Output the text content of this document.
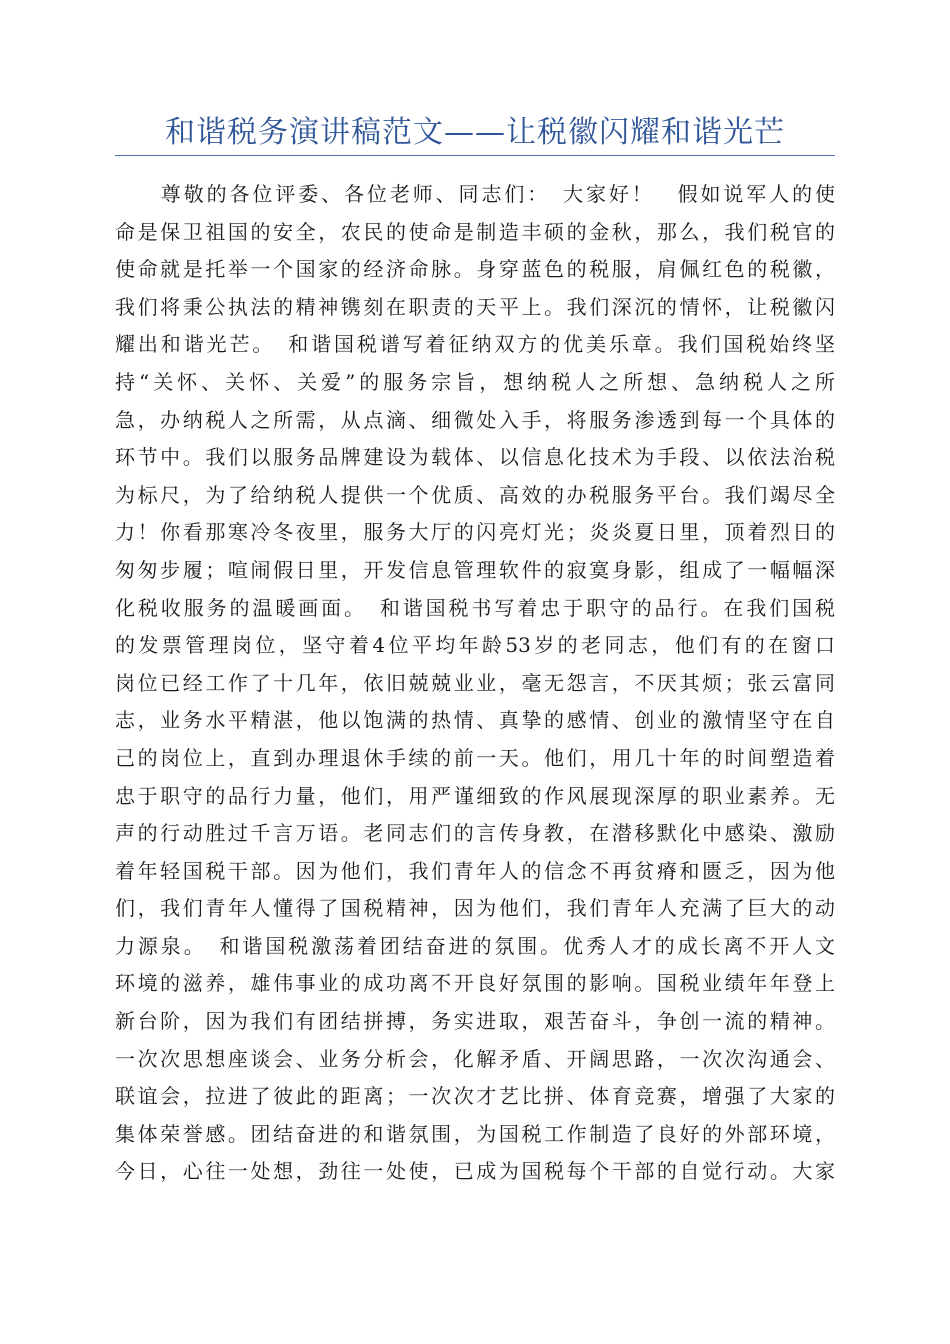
和谐税务演讲稿范文——让税徽闪耀和谐光芒
　　尊敬的各位评委、各位老师、同志们：　大家好！　假如说军人的使
命是保卫祖国的安全，农民的使命是制造丰硕的金秋，那么，我们税官的
使命就是托举一个国家的经济命脉。身穿蓝色的税服，肩佩红色的税徽，
我们将秉公执法的精神镌刻在职责的天平上。我们深沉的情怀，让税徽闪
耀出和谐光芒。　和谐国税谱写着征纳双方的优美乐章。我们国税始终坚
持“关怀、关怀、关爱”的服务宗旨，想纳税人之所想、急纳税人之所
急，办纳税人之所需，从点滴、细微处入手，将服务渗透到每一个具体的
环节中。我们以服务品牌建设为载体、以信息化技术为手段、以依法治税
为标尺，为了给纳税人提供一个优质、高效的办税服务平台。我们竭尽全
力！你看那寒冷冬夜里，服务大厅的闪亮灯光；炎炎夏日里，顶着烈日的
匆匆步履；喧闹假日里，开发信息管理软件的寂寞身影，组成了一幅幅深
化税收服务的温暖画面。　和谐国税书写着忠于职守的品行。在我们国税
的发票管理岗位，坚守着4位平均年龄53岁的老同志，他们有的在窗口
岗位已经工作了十几年，依旧兢兢业业，毫无怨言，不厌其烦；张云富同
志，业务水平精湛，他以饱满的热情、真挚的感情、创业的激情坚守在自
己的岗位上，直到办理退休手续的前一天。他们，用几十年的时间塑造着
忠于职守的品行力量，他们，用严谨细致的作风展现深厚的职业素养。无
声的行动胜过千言万语。老同志们的言传身教，在潜移默化中感染、激励
着年轻国税干部。因为他们，我们青年人的信念不再贫瘠和匮乏，因为他
们，我们青年人懂得了国税精神，因为他们，我们青年人充满了巨大的动
力源泉。　和谐国税激荡着团结奋进的氛围。优秀人才的成长离不开人文
环境的滋养，雄伟事业的成功离不开良好氛围的影响。国税业绩年年登上
新台阶，因为我们有团结拼搏，务实进取，艰苦奋斗，争创一流的精神。
一次次思想座谈会、业务分析会，化解矛盾、开阔思路，一次次沟通会、
联谊会，拉进了彼此的距离；一次次才艺比拼、体育竞赛，增强了大家的
集体荣誉感。团结奋进的和谐氛围，为国税工作制造了良好的外部环境，
今日，心往一处想，劲往一处使，已成为国税每个干部的自觉行动。大家
